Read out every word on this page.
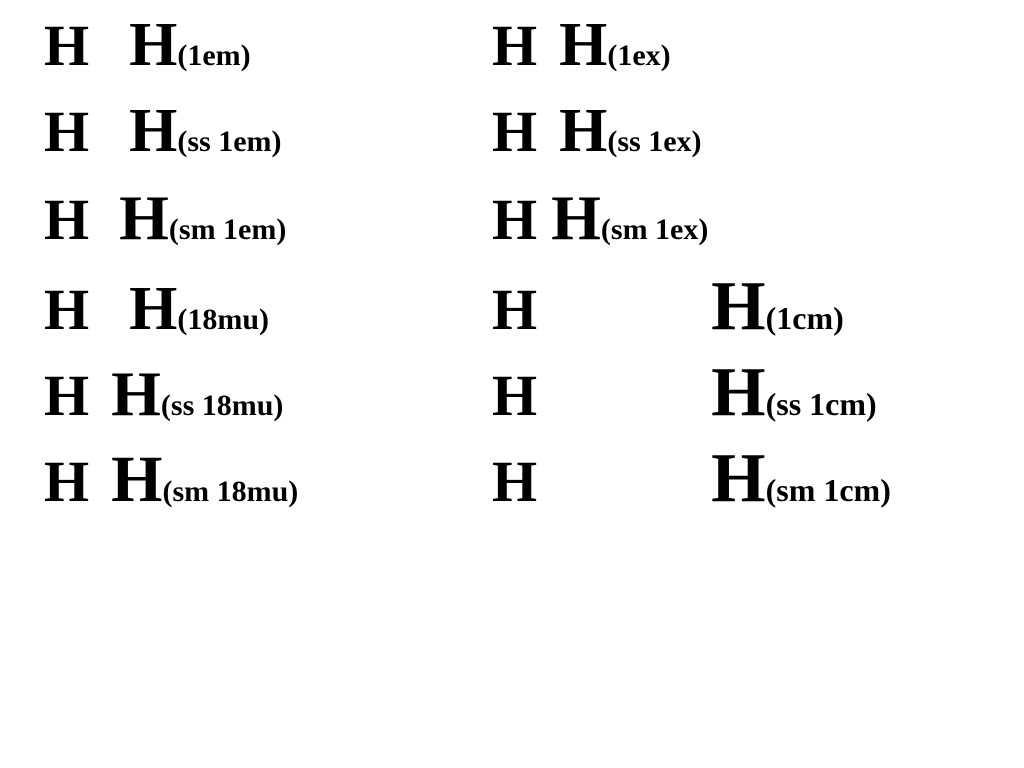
H H(1em)	H H(1ex)
H H(ss 1em)	H H(ss 1ex)
H H(sm 1em)	H H(sm 1ex)
H H(18mu)	H H(1cm)
H H(ss 18mu)	H H(ss 1cm)
H H(sm 18mu)	H H(sm 1cm)
